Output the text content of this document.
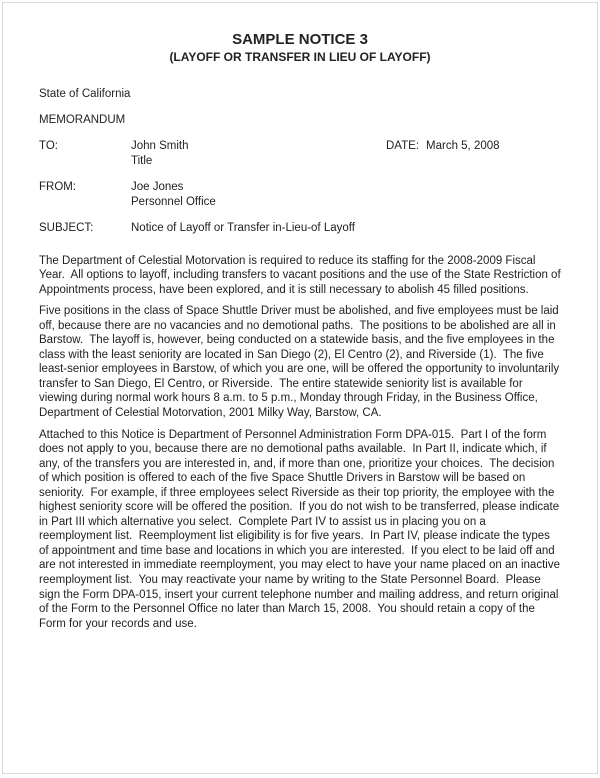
SAMPLE NOTICE 3
(LAYOFF OR TRANSFER IN LIEU OF LAYOFF)
State of California
MEMORANDUM
TO:	John Smith
Title
DATE: March 5, 2008
FROM:	Joe Jones
Personnel Office
SUBJECT:	Notice of Layoff or Transfer in-Lieu-of Layoff

The Department of Celestial Motorvation is required to reduce its staffing for the 2008-2009 Fiscal Year.  All options to layoff, including transfers to vacant positions and the use of the State Restriction of Appointments process, have been explored, and it is still necessary to abolish 45 filled positions.

Five positions in the class of Space Shuttle Driver must be abolished, and five employees must be laid off, because there are no vacancies and no demotional paths.  The positions to be abolished are all in Barstow.  The layoff is, however, being conducted on a statewide basis, and the five employees in the class with the least seniority are located in San Diego (2), El Centro (2), and Riverside (1).  The five least-senior employees in Barstow, of which you are one, will be offered the opportunity to involuntarily transfer to San Diego, El Centro, or Riverside.  The entire statewide seniority list is available for viewing during normal work hours 8 a.m. to 5 p.m., Monday through Friday, in the Business Office, Department of Celestial Motorvation, 2001 Milky Way, Barstow, CA.

Attached to this Notice is Department of Personnel Administration Form DPA-015.  Part I of the form does not apply to you, because there are no demotional paths available.  In Part II, indicate which, if any, of the transfers you are interested in, and, if more than one, prioritize your choices.  The decision of which position is offered to each of the five Space Shuttle Drivers in Barstow will be based on seniority.  For example, if three employees select Riverside as their top priority, the employee with the highest seniority score will be offered the position.  If you do not wish to be transferred, please indicate in Part III which alternative you select.  Complete Part IV to assist us in placing you on a reemployment list.  Reemployment list eligibility is for five years.  In Part IV, please indicate the types of appointment and time base and locations in which you are interested.  If you elect to be laid off and are not interested in immediate reemployment, you may elect to have your name placed on an inactive reemployment list.  You may reactivate your name by writing to the State Personnel Board.  Please sign the Form DPA-015, insert your current telephone number and mailing address, and return original of the Form to the Personnel Office no later than March 15, 2008.  You should retain a copy of the Form for your records and use.
